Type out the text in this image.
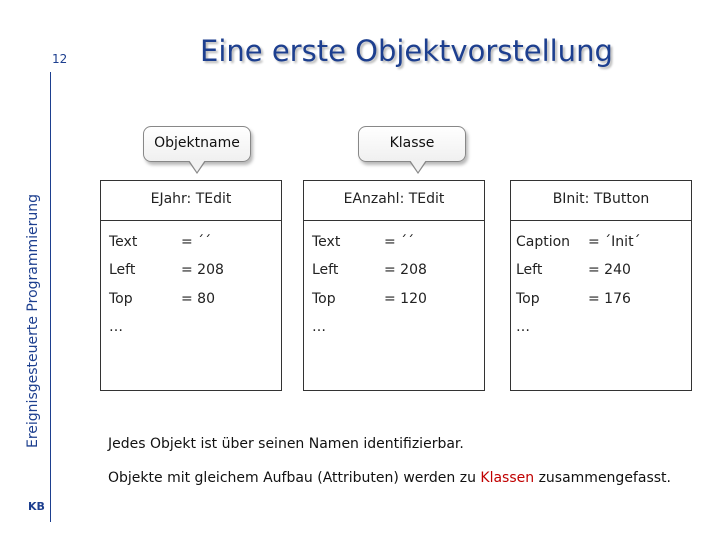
Ereignisgesteuerte Programmierung
12
KB
Eine erste Objektvorstellung
Objektname	Klasse
EJahr: TEdit
Text	= ´´
Left	= 208
Top	= 80
…
EAnzahl: TEdit
Text	= ´´
Left	= 208
Top	= 120
…
BInit: TButton
Caption = ´Init´
Left	= 240
Top	= 176
…
Jedes Objekt ist über seinen Namen identifizierbar.
Objekte mit gleichem Aufbau (Attributen) werden zu Klassen zusammengefasst.
